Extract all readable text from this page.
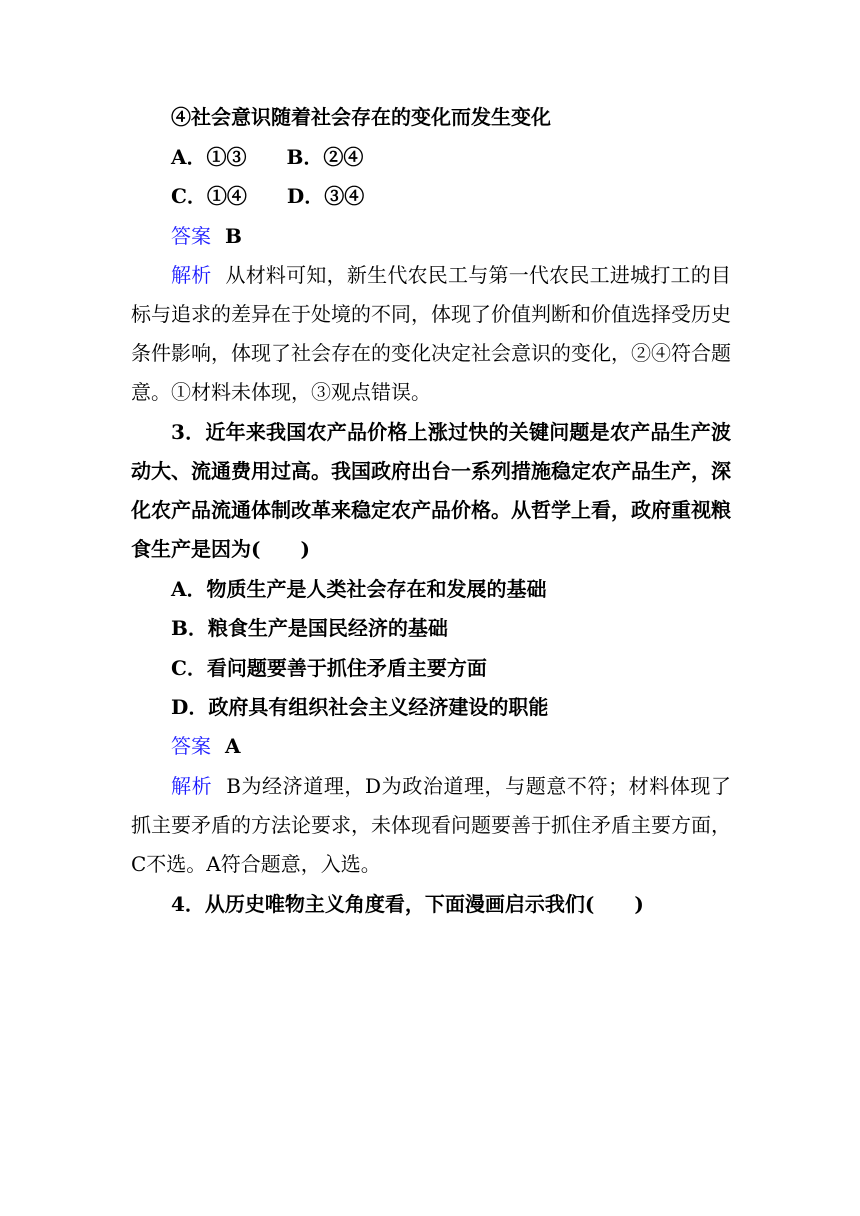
④社会意识随着社会存在的变化而发生变化
A．①③ B．②④
C．①④ D．③④
答案 B
解析 从材料可知，新生代农民工与第一代农民工进城打工的目
标与追求的差异在于处境的不同，体现了价值判断和价值选择受历史
条件影响，体现了社会存在的变化决定社会意识的变化，②④符合题
意。①材料未体现，③观点错误。
3．近年来我国农产品价格上涨过快的关键问题是农产品生产波
动大、流通费用过高。我国政府出台一系列措施稳定农产品生产，深
化农产品流通体制改革来稳定农产品价格。从哲学上看，政府重视粮
食生产是因为(　　)
A．物质生产是人类社会存在和发展的基础
B．粮食生产是国民经济的基础
C．看问题要善于抓住矛盾主要方面
D．政府具有组织社会主义经济建设的职能
答案 A
解析 B为经济道理，D为政治道理，与题意不符；材料体现了
抓主要矛盾的方法论要求，未体现看问题要善于抓住矛盾主要方面，
C不选。A符合题意，入选。
4．从历史唯物主义角度看，下面漫画启示我们(　　)
